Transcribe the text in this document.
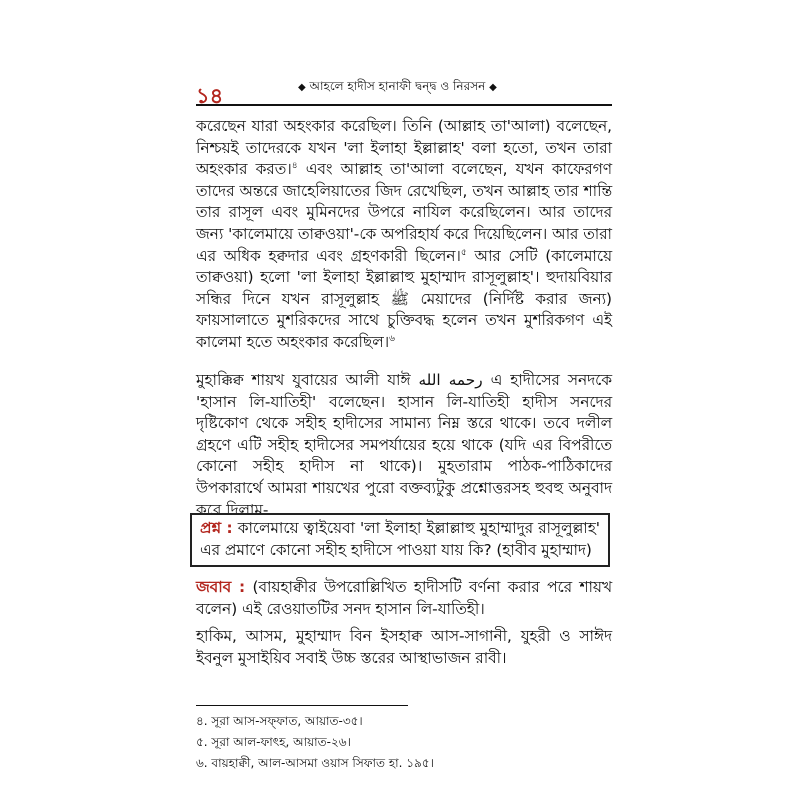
১৪	◆ আহলে হাদীস হানাফী দ্বন্দ্ব ও নিরসন ◆

করেছেন যারা অহংকার করেছিল। তিনি (আল্লাহ তা'আলা) বলেছেন, নিশ্চয়ই তাদেরকে যখন 'লা ইলাহা ইল্লাল্লাহ' বলা হতো, তখন তারা অহংকার করত।$^৪$ এবং আল্লাহ তা'আলা বলেছেন, যখন কাফেরগণ তাদের অন্তরে জাহেলিয়াতের জিদ রেখেছিল, তখন আল্লাহ তার শান্তি তার রাসূল এবং মুমিনদের উপরে নাযিল করেছিলেন। আর তাদের জন্য 'কালেমায়ে তাক্বওয়া'-কে অপরিহার্য করে দিয়েছিলেন। আর তারা এর অধিক হক্বদার এবং গ্রহণকারী ছিলেন।$^৫$ আর সেটি (কালেমায়ে তাক্বওয়া) হলো 'লা ইলাহা ইল্লাল্লাহু মুহাম্মাদ রাসূলুল্লাহ'। হুদায়বিয়ার সন্ধির দিনে যখন রাসূলুল্লাহ ﷺ মেয়াদের (নির্দিষ্ট করার জন্য) ফায়সালাতে মুশরিকদের সাথে চুক্তিবদ্ধ হলেন তখন মুশরিকগণ এই কালেমা হতে অহংকার করেছিল।$^৬$

মুহাক্কিক্ব শায়খ যুবায়ের আলী যাঈ رحمه الله এ হাদীসের সনদকে 'হাসান লি-যাতিহী' বলেছেন। হাসান লি-যাতিহী হাদীস সনদের দৃষ্টিকোণ থেকে সহীহ হাদীসের সামান্য নিম্ন স্তরে থাকে। তবে দলীল গ্রহণে এটি সহীহ হাদীসের সমপর্যায়ের হয়ে থাকে (যদি এর বিপরীতে কোনো সহীহ হাদীস না থাকে)। মুহতারাম পাঠক-পাঠিকাদের উপকারার্থে আমরা শায়খের পুরো বক্তব্যটুকু প্রশ্নোত্তরসহ হুবহু অনুবাদ করে দিলাম-

প্রশ্ন : কালেমায়ে ত্বাইয়েবা 'লা ইলাহা ইল্লাল্লাহু মুহাম্মাদুর রাসূলুল্লাহ' এর প্রমাণে কোনো সহীহ হাদীসে পাওয়া যায় কি? (হাবীব মুহাম্মাদ)

জবাব : (বায়হাক্বীর উপরোল্লিখিত হাদীসটি বর্ণনা করার পরে শায়খ বলেন) এই রেওয়াতটির সনদ হাসান লি-যাতিহী।

হাকিম, আসম, মুহাম্মাদ বিন ইসহাক্ব আস-সাগানী, যুহরী ও সাঈদ ইবনুল মুসাইয়িব সবাই উচ্চ স্তরের আস্থাভাজন রাবী।

৪. সূরা আস-সফ্ফাত, আয়াত-৩৫।
৫. সূরা আল-ফাৎহ, আয়াত-২৬।
৬. বায়হাক্বী, আল-আসমা ওয়াস সিফাত হা. ১৯৫।
